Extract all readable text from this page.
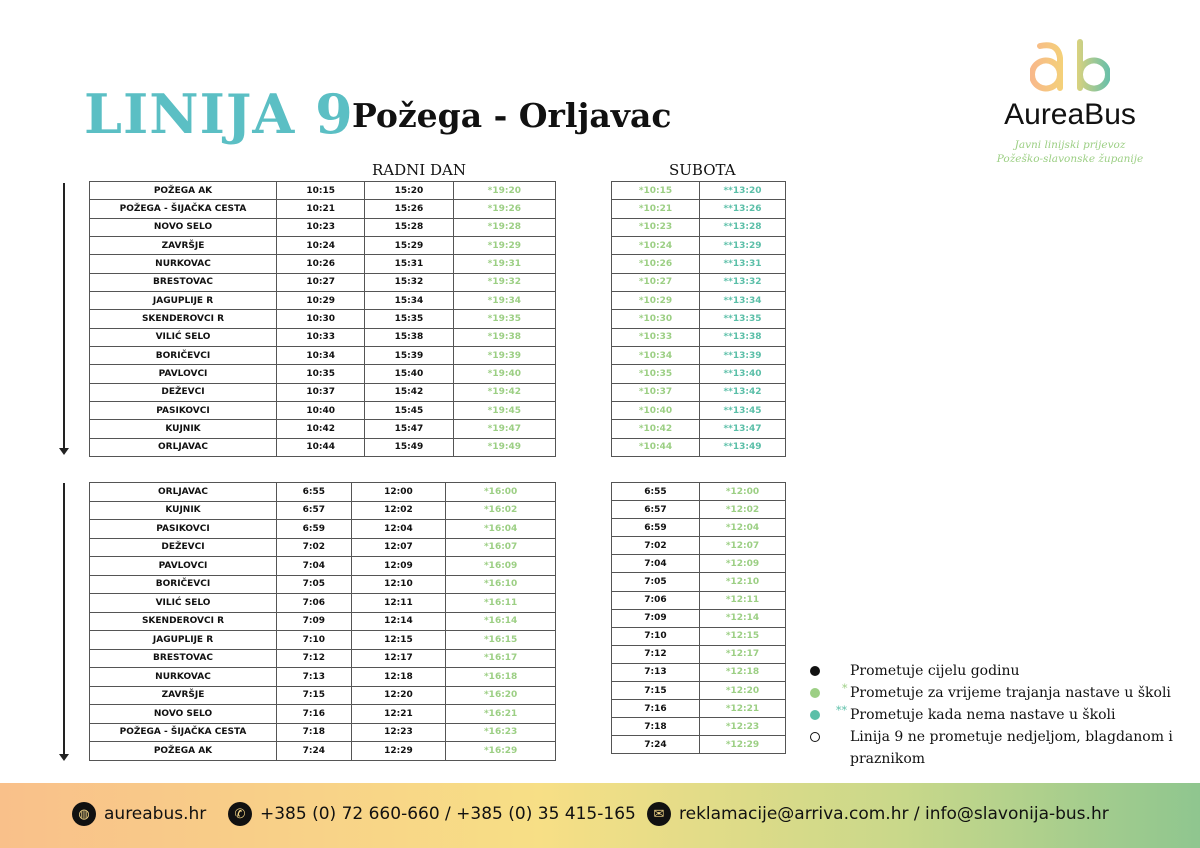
LINIJA 9
Požega - Orljavac	AureaBus
Javni linijski prijevoz
Požeško-slavonske županije
RADNI DAN	SUBOTA
POŽEGA AK	10:15	15:20	*19:20
POŽEGA - ŠIJAČKA CESTA	10:21	15:26	*19:26
NOVO SELO	10:23	15:28	*19:28
ZAVRŠJE	10:24	15:29	*19:29
NURKOVAC	10:26	15:31	*19:31
BRESTOVAC	10:27	15:32	*19:32
JAGUPLIJE R	10:29	15:34	*19:34
SKENDEROVCI R	10:30	15:35	*19:35
VILIĆ SELO	10:33	15:38	*19:38
BORIČEVCI	10:34	15:39	*19:39
PAVLOVCI	10:35	15:40	*19:40
DEŽEVCI	10:37	15:42	*19:42
PASIKOVCI	10:40	15:45	*19:45
KUJNIK	10:42	15:47	*19:47
ORLJAVAC	10:44	15:49	*19:49
*10:15	**13:20
*10:21	**13:26
*10:23	**13:28
*10:24	**13:29
*10:26	**13:31
*10:27	**13:32
*10:29	**13:34
*10:30	**13:35
*10:33	**13:38
*10:34	**13:39
*10:35	**13:40
*10:37	**13:42
*10:40	**13:45
*10:42	**13:47
*10:44	**13:49
ORLJAVAC	6:55	12:00	*16:00
KUJNIK	6:57	12:02	*16:02
PASIKOVCI	6:59	12:04	*16:04
DEŽEVCI	7:02	12:07	*16:07
PAVLOVCI	7:04	12:09	*16:09
BORIČEVCI	7:05	12:10	*16:10
VILIĆ SELO	7:06	12:11	*16:11
SKENDEROVCI R	7:09	12:14	*16:14
JAGUPLIJE R	7:10	12:15	*16:15
BRESTOVAC	7:12	12:17	*16:17
NURKOVAC	7:13	12:18	*16:18
ZAVRŠJE	7:15	12:20	*16:20
NOVO SELO	7:16	12:21	*16:21
POŽEGA - ŠIJAČKA CESTA	7:18	12:23	*16:23
POŽEGA AK	7:24	12:29	*16:29
6:55	*12:00
6:57	*12:02
6:59	*12:04
7:02	*12:07
7:04	*12:09
7:05	*12:10
7:06	*12:11
7:09	*12:14
7:10	*12:15
7:12	*12:17
7:13	*12:18
7:15	*12:20
7:16	*12:21
7:18	*12:23
7:24	*12:29
Prometuje cijelu godinu
* Prometuje za vrijeme trajanja nastave u školi
** Prometuje kada nema nastave u školi
Linija 9 ne prometuje nedjeljom, blagdanom i praznikom
◍ aureabus.hr	✆ +385 (0) 72 660-660 / +385 (0) 35 415-165	✉ reklamacije@arriva.com.hr / info@slavonija-bus.hr
